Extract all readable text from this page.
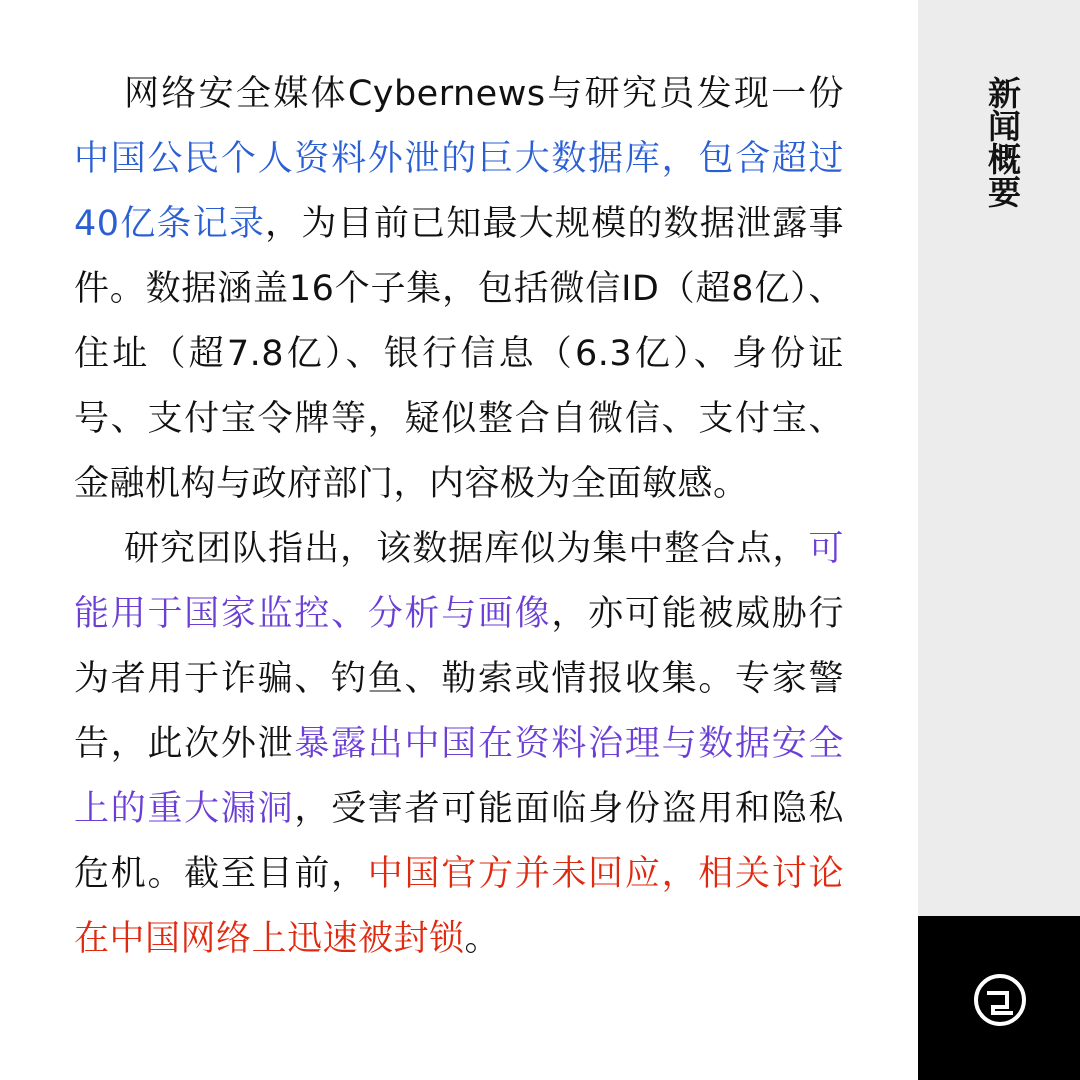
网络安全媒体Cybernews与研究员发现一份中国公民个人资料外泄的巨大数据库，包含超过40亿条记录，为目前已知最大规模的数据泄露事件。数据涵盖16个子集，包括微信ID（超8亿）、住址（超7.8亿）、银行信息（6.3亿）、身份证号、支付宝令牌等，疑似整合自微信、支付宝、金融机构与政府部门，内容极为全面敏感。

研究团队指出，该数据库似为集中整合点，可能用于国家监控、分析与画像，亦可能被威胁行为者用于诈骗、钓鱼、勒索或情报收集。专家警告，此次外泄暴露出中国在资料治理与数据安全上的重大漏洞，受害者可能面临身份盗用和隐私危机。截至目前，中国官方并未回应，相关讨论在中国网络上迅速被封锁。

新闻概要
